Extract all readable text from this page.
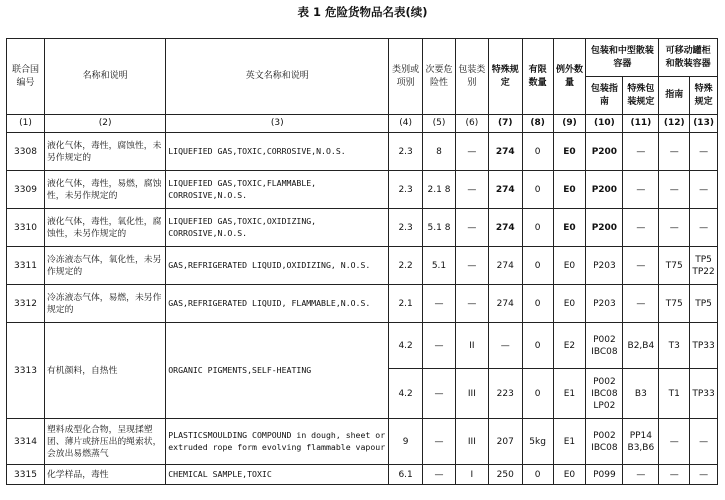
表 1 危险货物品名表(续)
联合国编号	名称和说明	英文名称和说明	类别或项别	次要危险性	包装类别	特殊规定	有限数量	例外数量	包装和中型散装容器		可移动罐柜和散装容器	
									包装指南	特殊包装规定	指南	特殊规定
(1)	(2)	(3)	(4)	(5)	(6)	(7)	(8)	(9)	(10)	(11)	(12)	(13)
3308	液化气体，毒性，腐蚀性，未另作规定的	LIQUEFIED GAS,TOXIC,CORROSIVE,N.O.S.	2.3	8	—	274	0	E0	P200	—	—	—
3309	液化气体，毒性，易燃，腐蚀性，未另作规定的	LIQUEFIED GAS,TOXIC,FLAMMABLE, CORROSIVE,N.O.S.	2.3	2.1 8	—	274	0	E0	P200	—	—	—
3310	液化气体，毒性，氧化性，腐蚀性，未另作规定的	LIQUEFIED GAS,TOXIC,OXIDIZING, CORROSIVE,N.O.S.	2.3	5.1 8	—	274	0	E0	P200	—	—	—
3311	冷冻液态气体，氧化性，未另作规定的	GAS,REFRIGERATED LIQUID,OXIDIZING, N.O.S.	2.2	5.1	—	274	0	E0	P203	—	T75	TP5 TP22
3312	冷冻液态气体，易燃，未另作规定的	GAS,REFRIGERATED LIQUID, FLAMMABLE,N.O.S.	2.1	—	—	274	0	E0	P203	—	T75	TP5
3313	有机颜料，自热性	ORGANIC PIGMENTS,SELF-HEATING	4.2	—	II	—	0	E2	P002 IBC08	B2,B4	T3	TP33
			4.2	—	III	223	0	E1	P002 IBC08 LP02	B3	T1	TP33
3314	塑料成型化合物，呈现揉塑团、薄片或挤压出的绳索状，会放出易燃蒸气	PLASTICSMOULDING COMPOUND in dough, sheet or extruded rope form evolving flammable vapour	9	—	III	207	5kg	E1	P002 IBC08	PP14 B3,B6	—	—
3315	化学样品，毒性	CHEMICAL SAMPLE,TOXIC	6.1	—	I	250	0	E0	P099	—	—	—
